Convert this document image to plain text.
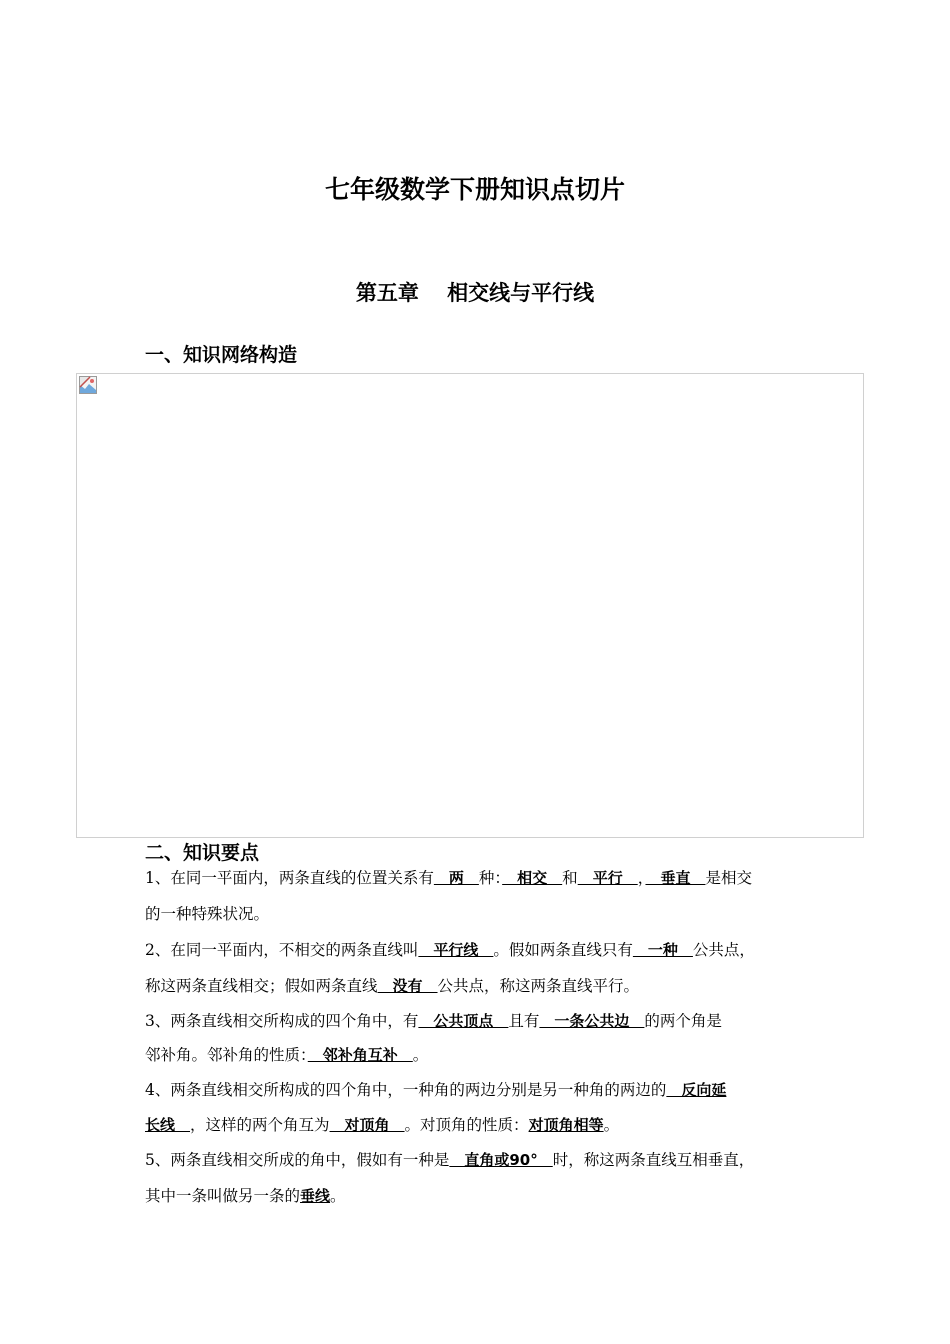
七年级数学下册知识点切片
第五章　 相交线与平行线
一、知识网络构造
二、知识要点
1、在同一平面内，两条直线的位置关系有　两　种：　相交　和　平行　，　垂直　是相交
的一种特殊状况。
2、在同一平面内，不相交的两条直线叫　平行线　。假如两条直线只有　一种　公共点，
称这两条直线相交；假如两条直线　没有　公共点，称这两条直线平行。
3、两条直线相交所构成的四个角中，有　公共顶点　且有　一条公共边　的两个角是
邻补角。邻补角的性质：　邻补角互补　。
4、两条直线相交所构成的四个角中，一种角的两边分别是另一种角的两边的　反向延
长线　，这样的两个角互为　对顶角　。对顶角的性质：对顶角相等。
5、两条直线相交所成的角中，假如有一种是　直角或90°　时，称这两条直线互相垂直，
其中一条叫做另一条的垂线。
